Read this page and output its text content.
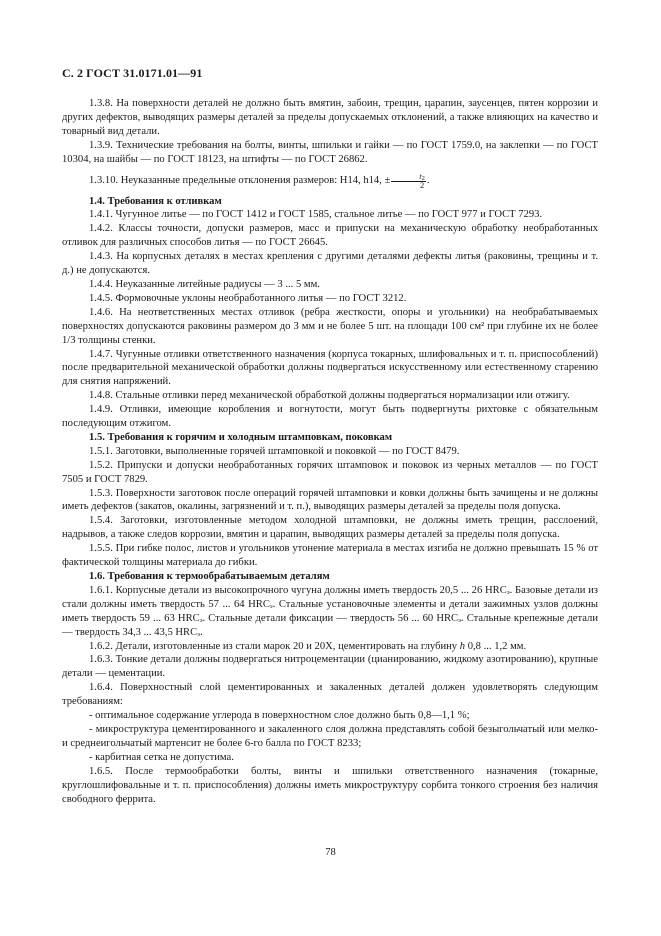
С. 2 ГОСТ 31.0171.01—91

1.3.8. На поверхности деталей не должно быть вмятин, забоин, трещин, царапин, заусенцев, пятен коррозии и других дефектов, выводящих размеры деталей за пределы допускаемых отклонений, а также влияющих на качество и товарный вид детали.

1.3.9. Технические требования на болты, винты, шпильки и гайки — по ГОСТ 1759.0, на заклепки — по ГОСТ 10304, на шайбы — по ГОСТ 18123, на штифты — по ГОСТ 26862.

1.3.10. Неуказанные предельные отклонения размеров: Н14, h14, ± $\frac{t_2}{2}$ .

1.4. Требования к отливкам

1.4.1. Чугунное литье — по ГОСТ 1412 и ГОСТ 1585, стальное литье — по ГОСТ 977 и ГОСТ 7293.

1.4.2. Классы точности, допуски размеров, масс и припуски на механическую обработку необработанных отливок для различных способов литья — по ГОСТ 26645.

1.4.3. На корпусных деталях в местах крепления с другими деталями дефекты литья (раковины, трещины и т. д.) не допускаются.

1.4.4. Неуказанные литейные радиусы — 3 ... 5 мм.

1.4.5. Формовочные уклоны необработанного литья — по ГОСТ 3212.

1.4.6. На неответственных местах отливок (ребра жесткости, опоры и угольники) на необрабатываемых поверхностях допускаются раковины размером до 3 мм и не более 5 шт. на площади 100 см² при глубине их не более 1/3 толщины стенки.

1.4.7. Чугунные отливки ответственного назначения (корпуса токарных, шлифовальных и т. п. приспособлений) после предварительной механической обработки должны подвергаться искусственному или естественному старению для снятия напряжений.

1.4.8. Стальные отливки перед механической обработкой должны подвергаться нормализации или отжигу.

1.4.9. Отливки, имеющие коробления и вогнутости, могут быть подвергнуты рихтовке с обязательным последующим отжигом.

1.5. Требования к горячим и холодным штамповкам, поковкам

1.5.1. Заготовки, выполненные горячей штамповкой и поковкой — по ГОСТ 8479.

1.5.2. Припуски и допуски необработанных горячих штамповок и поковок из черных металлов — по ГОСТ 7505 и ГОСТ 7829.

1.5.3. Поверхности заготовок после операций горячей штамповки и ковки должны быть зачищены и не должны иметь дефектов (закатов, окалины, загрязнений и т. п.), выводящих размеры деталей за пределы поля допуска.

1.5.4. Заготовки, изготовленные методом холодной штамповки, не должны иметь трещин, расслоений, надрывов, а также следов коррозии, вмятин и царапин, выводящих размеры деталей за пределы поля допуска.

1.5.5. При гибке полос, листов и угольников утонение материала в местах изгиба не должно превышать 15 % от фактической толщины материала до гибки.

1.6. Требования к термообрабатываемым деталям

1.6.1. Корпусные детали из высокопрочного чугуна должны иметь твердость 20,5 ... 26 $HRC_э$. Базовые детали из стали должны иметь твердость 57 ... 64 $HRC_э$. Стальные установочные элементы и детали зажимных узлов должны иметь твердость 59 ... 63 $HRC_э$. Стальные детали фиксации — твердость 56 ... 60 $HRC_э$. Стальные крепежные детали — твердость 34,3 ... 43,5 $HRC_э$.

1.6.2. Детали, изготовленные из стали марок 20 и 20Х, цементировать на глубину h 0,8 ... 1,2 мм.

1.6.3. Тонкие детали должны подвергаться нитроцементации (цианированию, жидкому азотированию), крупные детали — цементации.

1.6.4. Поверхностный слой цементированных и закаленных деталей должен удовлетворять следующим требованиям:

- оптимальное содержание углерода в поверхностном слое должно быть 0,8—1,1 %;

- микроструктура цементированного и закаленного слоя должна представлять собой безыгольчатый или мелко- и среднеигольчатый мартенсит не более 6-го балла по ГОСТ 8233;

- карбитная сетка не допустима.

1.6.5. После термообработки болты, винты и шпильки ответственного назначения (токарные, круглошлифовальные и т. п. приспособления) должны иметь микроструктуру сорбита тонкого строения без наличия свободного феррита.

78
